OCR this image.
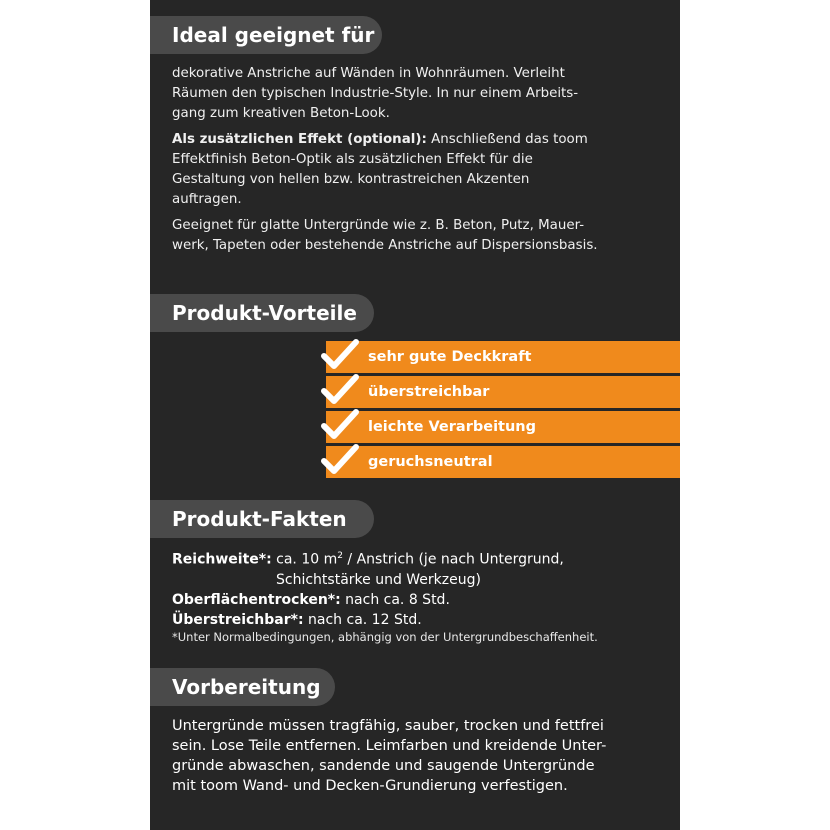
Ideal geeignet für
dekorative Anstriche auf Wänden in Wohnräumen. Verleiht
Räumen den typischen Industrie-Style. In nur einem Arbeits-
gang zum kreativen Beton-Look.
Als zusätzlichen Effekt (optional): Anschließend das toom
Effektfinish Beton-Optik als zusätzlichen Effekt für die
Gestaltung von hellen bzw. kontrastreichen Akzenten
auftragen.
Geeignet für glatte Untergründe wie z. B. Beton, Putz, Mauer-
werk, Tapeten oder bestehende Anstriche auf Dispersionsbasis.
Produkt-Vorteile
sehr gute Deckkraft
überstreichbar
leichte Verarbeitung
geruchsneutral
Produkt-Fakten
Reichweite*: ca. 10 $m^2$ / Anstrich (je nach Untergrund,
Schichtstärke und Werkzeug)
Oberflächentrocken*: nach ca. 8 Std.
Überstreichbar*: nach ca. 12 Std.
*Unter Normalbedingungen, abhängig von der Untergrundbeschaffenheit.
Vorbereitung
Untergründe müssen tragfähig, sauber, trocken und fettfrei
sein. Lose Teile entfernen. Leimfarben und kreidende Unter-
gründe abwaschen, sandende und saugende Untergründe
mit toom Wand- und Decken-Grundierung verfestigen.
